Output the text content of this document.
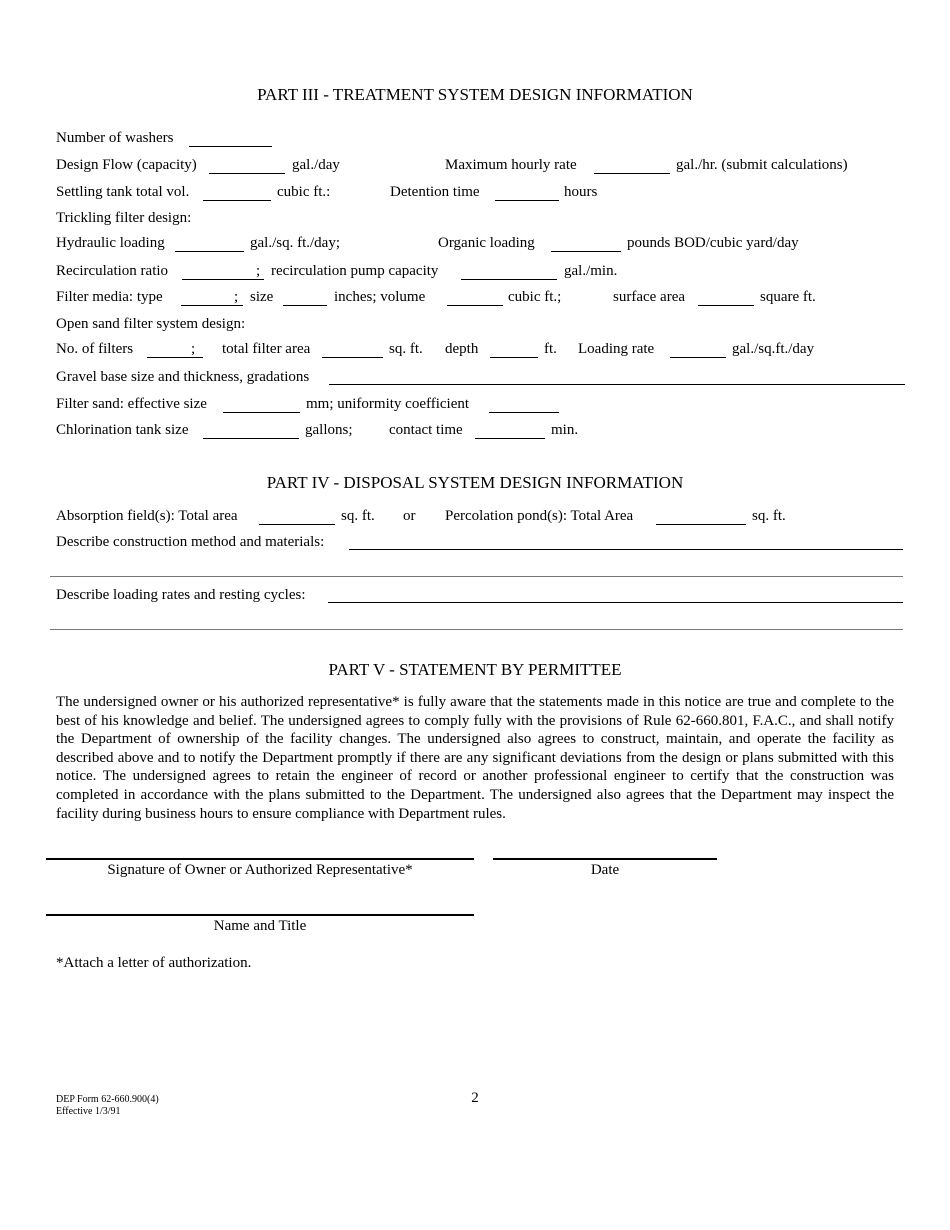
PART III - TREATMENT SYSTEM DESIGN INFORMATION
Number of washers
Design Flow (capacity)	gal./day	Maximum hourly rate	gal./hr. (submit calculations)
Settling tank total vol.	cubic ft.:	Detention time	hours
Trickling filter design:
Hydraulic loading	gal./sq. ft./day;	Organic loading	pounds BOD/cubic yard/day
Recirculation ratio	; recirculation pump capacity	gal./min.
Filter media: type	; size	inches; volume	cubic ft.;	surface area	square ft.
Open sand filter system design:
No. of filters	; total filter area	sq. ft. depth	ft. Loading rate	gal./sq.ft./day
Gravel base size and thickness, gradations
Filter sand: effective size	mm; uniformity coefficient
Chlorination tank size	gallons; contact time	min.
PART IV - DISPOSAL SYSTEM DESIGN INFORMATION
Absorption field(s): Total area	sq. ft. or Percolation pond(s): Total Area	sq. ft.
Describe construction method and materials:
Describe loading rates and resting cycles:
PART V - STATEMENT BY PERMITTEE
The undersigned owner or his authorized representative* is fully aware that the statements made in this notice are true and complete to the best of his knowledge and belief. The undersigned agrees to comply fully with the provisions of Rule 62-660.801, F.A.C., and shall notify the Department of ownership of the facility changes. The undersigned also agrees to construct, maintain, and operate the facility as described above and to notify the Department promptly if there are any significant deviations from the design or plans submitted with this notice. The undersigned agrees to retain the engineer of record or another professional engineer to certify that the construction was completed in accordance with the plans submitted to the Department. The undersigned also agrees that the Department may inspect the facility during business hours to ensure compliance with Department rules.
Signature of Owner or Authorized Representative*	Date
Name and Title
*Attach a letter of authorization.
DEP Form 62-660.900(4)
Effective 1/3/91
2
